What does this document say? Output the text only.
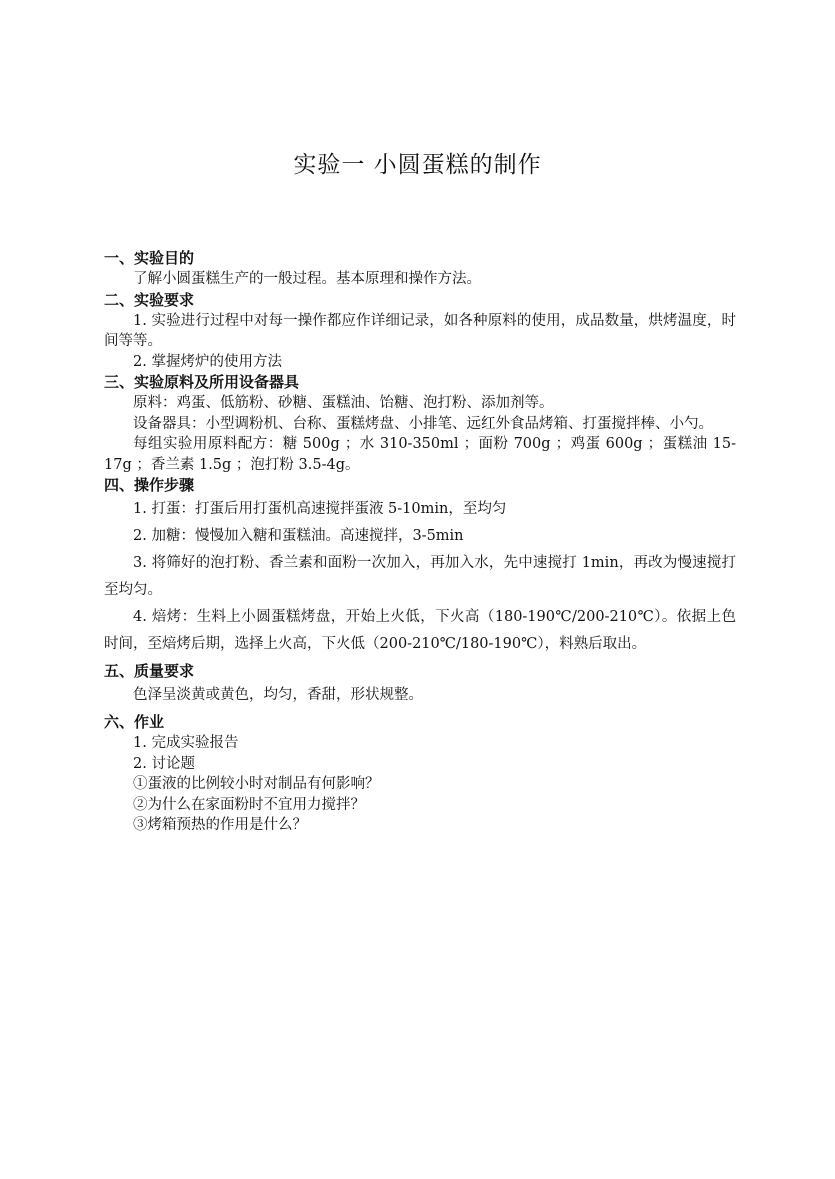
实验一 小圆蛋糕的制作
一、实验目的
了解小圆蛋糕生产的一般过程。基本原理和操作方法。
二、实验要求
1. 实验进行过程中对每一操作都应作详细记录，如各种原料的使用，成品数量，烘烤温度，时间等等。
2. 掌握烤炉的使用方法
三、实验原料及所用设备器具
原料：鸡蛋、低筋粉、砂糖、蛋糕油、饴糖、泡打粉、添加剂等。
设备器具：小型调粉机、台称、蛋糕烤盘、小排笔、远红外食品烤箱、打蛋搅拌棒、小勺。
每组实验用原料配方：糖 500g ；水 310-350ml ；面粉 700g ；鸡蛋 600g ；蛋糕油 15-17g ；香兰素 1.5g ；泡打粉 3.5-4g。
四、操作步骤
1. 打蛋：打蛋后用打蛋机高速搅拌蛋液 5-10min，至均匀
2. 加糖：慢慢加入糖和蛋糕油。高速搅拌，3-5min
3. 将筛好的泡打粉、香兰素和面粉一次加入，再加入水，先中速搅打 1min，再改为慢速搅打至均匀。
4. 焙烤：生料上小圆蛋糕烤盘，开始上火低，下火高（180-190℃/200-210℃）。依据上色时间，至焙烤后期，选择上火高，下火低（200-210℃/180-190℃），料熟后取出。
五、质量要求
色泽呈淡黄或黄色，均匀，香甜，形状规整。
六、作业
1. 完成实验报告
2. 讨论题
①蛋液的比例较小时对制品有何影响？
②为什么在家面粉时不宜用力搅拌？
③烤箱预热的作用是什么？
